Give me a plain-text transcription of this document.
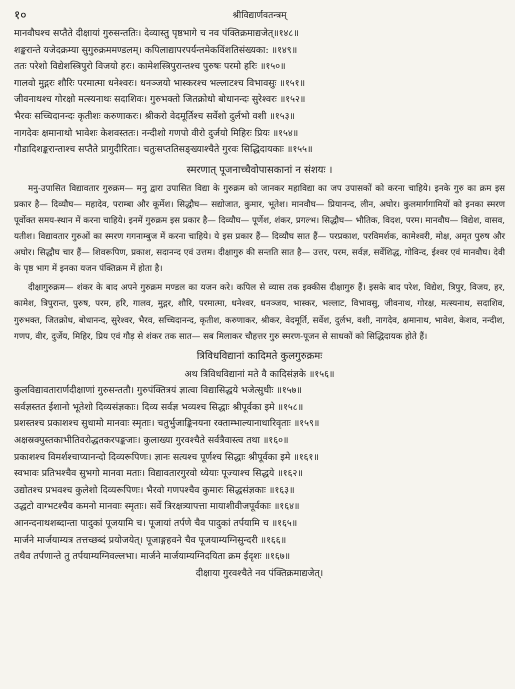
१०	श्रीविद्यार्णवतन्त्रम्
मानवौघश्च सप्तैते दीक्षायां गुरुसन्ततिः। देव्यास्तु पृष्ठभागे च नव पंक्तिक्रमाद्यजेत्॥१४८॥
शङ्करान्ते यजेदक्रम्या सुगुरुक्रममण्डलम्। कपिलाद्यापरपर्यन्तमेकविंशतिसंख्यका: ॥१४९॥
ततः परेशो विद्येशस्त्रिपुरो विजयो हरः। कामेशस्त्रिपुरान्तश्च पुरुषः परमो हरिः ॥१५०॥
गालवो मुद्गरः शौरिः परमात्मा धनेश्वरः। धनञ्जयो भास्करश्च भल्लाटश्च विभावसुः ॥१५१॥
जीवनाथश्च गोरक्षो मत्स्यनाथः सदाशिवः। गुरुभक्तो जितक्रोधो बोधानन्दः सुरेश्वरः ॥१५२॥
भैरवः सच्चिदानन्दः कृतीशः करुणाकरः। श्रीकरो वेदमूर्तिश्च सर्वेशो दुर्लभो वशी ॥१५३॥
नागदेवः क्षमानाथो भावेशः केशवस्ततः। नन्दीशो गणपो वीरो दुर्जयो मिहिरः प्रियः ॥१५४॥
गौडादिशङ्करान्ताश्च सप्तैते प्रागुदीरिताः। चतुःसप्ततिसङ्ख्याश्चैते गुरवः सिद्धिदायकाः ॥१५५॥
स्मरणात् पूजनाच्चैवोपासकानां न संशयः ।

मनु-उपासित विद्यावतार गुरुक्रम— मनु द्वारा उपासित विद्या के गुरुक्रम को जानकर महाविद्या का जप उपासकों को करना चाहिये। इनके गुरु का क्रम इस प्रकार है— दिव्यौघ— महादेव, पराम्बा और कूर्मेश। सिद्धौघ— सद्योजात, कुमार, भूतेश। मानवौघ— प्रियानन्द, लीन, अघोर। कुलमार्गगामियों को इनका स्मरण पूर्वोक्त समय-स्थान में करना चाहिये। इनमें गुरुक्रम इस प्रकार है— दिव्यौघ— पूर्णेश, शंकर, प्रगल्भ। सिद्धौघ— भौतिक, विदश, परम। मानवौघ— विद्येश, वासव, यतीश। विद्यावतार गुरुओं का स्मरण गगनाम्बुज में करना चाहिये। ये इस प्रकार हैं— दिव्यौघ सात हैं— परप्रकाश, परविमर्शक, कामेश्वरी, मोक्ष, अमृत पुरुष और अघोर। सिद्धौघ चार हैं— शिवरूपिण, प्रकाश, सदानन्द एवं उत्तम। दीक्षागुरु की सन्तति सात है— उत्तर, परम, सर्वज्ञ, सर्वेशिद्ध, गोविन्द, ईश्वर एवं मानवौघ। देवी के पृष्ठ भाग में इनका यजन पंक्तिक्रम में होता है।

दीक्षागुरुक्रम— शंकर के बाद अपने गुरुक्रम मण्डल का यजन करे। कपिल से व्यास तक इक्कीस दीक्षागुरु हैं। इसके बाद परेश, विद्येश, त्रिपुर, विजय, हर, कामेश, त्रिपुरान्त, पुरुष, परम, हरि, गालव, मुद्गर, शौरि, परमात्मा, धनेश्वर, धनञ्जय, भास्कर, भल्लाट, विभावसु, जीवनाथ, गोरक्ष, मत्स्यनाथ, सदाशिव, गुरुभक्त, जितक्रोध, बोधानन्द, सुरेश्वर, भैरव, सच्चिदानन्द, कृतीश, करुणाकर, श्रीकर, वेदमूर्ति, सर्वेश, दुर्लभ, वशी, नागदेव, क्षमानाथ, भावेश, केशव, नन्दीश, गणप, वीर, दुर्जेय, मिहिर, प्रिय एवं गौड़ से शंकर तक सात— सब मिलाकर चौहत्तर गुरु स्मरण-पूजन से साधकों को सिद्धिदायक होते हैं।

त्रिविधविद्यानां कादिमते कुलगुरुक्रमः
अथ त्रिविधविद्यानां मते वै कादिसंज्ञके ॥१५६॥
कुलविद्यावतारार्णदीक्षाणां गुरुसन्ततौ। गुरुपंक्तित्रयं ज्ञात्वा विद्यासिद्धये भजेत्सुधीः ॥१५७॥
सर्वज्ञस्तत ईशानो भूतेशो दिव्यसंज्ञकाः। दिव्य सर्वज्ञ भव्यश्च सिद्धाः श्रीपूर्वका इमे ॥१५८॥
प्रशस्तश्च प्रकाशश्च सुधामो मानवाः स्मृताः। चतुर्भुजाङ्किनयना रक्ताम्भाल्यानाधारिवृताः ॥१५९॥
अक्षस्रक्पुस्तकाभीतिवरोद्धतकरपङ्कजाः। कुलाख्या गुरवश्चैते सर्वत्रैवास्त्व तथा ॥१६०॥
प्रकाशश्च विमर्शश्चाप्यानन्दो दिव्यरूपिणः। ज्ञानः सत्यश्च पूर्णश्च सिद्धाः श्रीपूर्वका इमे ॥१६१॥
स्वभावः प्रतिभश्चैव सुभगो मानवा मताः। विद्यावतारगुरवो ध्येयाः पूज्याश्च सिद्धये ॥१६२॥
उद्योतश्च प्रभवश्च कुलेशो दिव्यरूपिणः। भैरवो गणपश्चैव कुमारः सिद्धसंज्ञकाः ॥१६३॥
उद्धटो वाग्भटश्चैव कमनो मानवाः स्मृताः। सर्वे त्रिरक्षत्र्यापत्ता मायाशीवीजपूर्वकाः ॥१६४॥
आनन्दनाथशब्दान्ता पादुकां पूजयामि च। पूजायां तर्पणे चैव पादुकां तर्पयामि च ॥१६५॥
मार्जने मार्जयाम्यत्र तत्तच्छब्दं प्रयोजयेत्। पूजाङ्गहवने चैव पूजयाम्यग्निसुन्दरी ॥१६६॥
तथैव तर्पणान्ते तु तर्पयाम्यग्निवल्लभा। मार्जने मार्जयाम्यग्निदयिता क्रम ईदृशः ॥१६७॥
दीक्षाया गुरवश्चैते नव पंक्तिक्रमाद्यजेत्।
